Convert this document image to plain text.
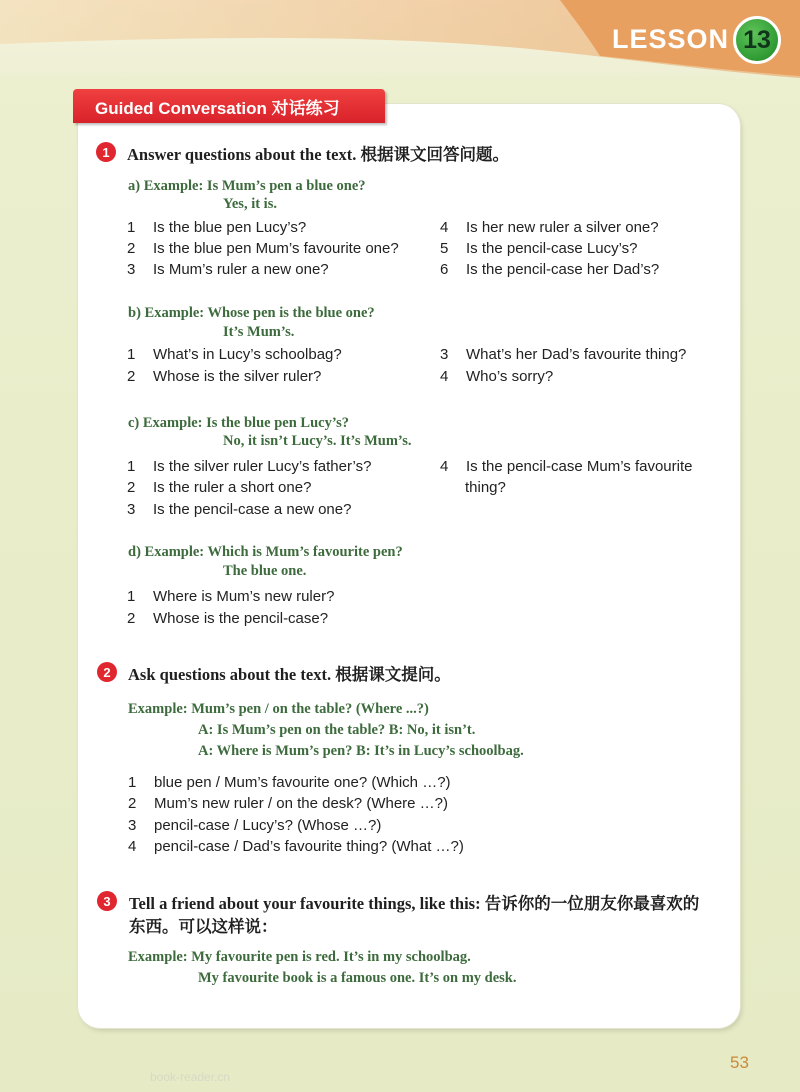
LESSON 13
Guided Conversation 对话练习
1	Answer questions about the text. 根据课文回答问题。
a) Example: Is Mum’s pen a blue one?
Yes, it is.
1 Is the blue pen Lucy’s?
2 Is the blue pen Mum’s favourite one?
3 Is Mum’s ruler a new one?
4 Is her new ruler a silver one?
5 Is the pencil-case Lucy’s?
6 Is the pencil-case her Dad’s?
b) Example: Whose pen is the blue one?
It’s Mum’s.
1 What’s in Lucy’s schoolbag?
2 Whose is the silver ruler?
3 What’s her Dad’s favourite thing?
4 Who’s sorry?
c) Example: Is the blue pen Lucy’s?
No, it isn’t Lucy’s. It’s Mum’s.
1 Is the silver ruler Lucy’s father’s?
2 Is the ruler a short one?
3 Is the pencil-case a new one?
4 Is the pencil-case Mum’s favourite
thing?
d) Example: Which is Mum’s favourite pen?
The blue one.
1 Where is Mum’s new ruler?
2 Whose is the pencil-case?
2	Ask questions about the text. 根据课文提问。
Example: Mum’s pen / on the table? (Where ...?)
A: Is Mum’s pen on the table? B: No, it isn’t.
A: Where is Mum’s pen? B: It’s in Lucy’s schoolbag.
1 blue pen / Mum’s favourite one? (Which …?)
2 Mum’s new ruler / on the desk? (Where …?)
3 pencil-case / Lucy’s? (Whose …?)
4 pencil-case / Dad’s favourite thing? (What …?)
3	Tell a friend about your favourite things, like this: 告诉你的一位朋友你最喜欢的
东西。可以这样说：
Example: My favourite pen is red. It’s in my schoolbag.
My favourite book is a famous one. It’s on my desk.
53
book-reader.cn
